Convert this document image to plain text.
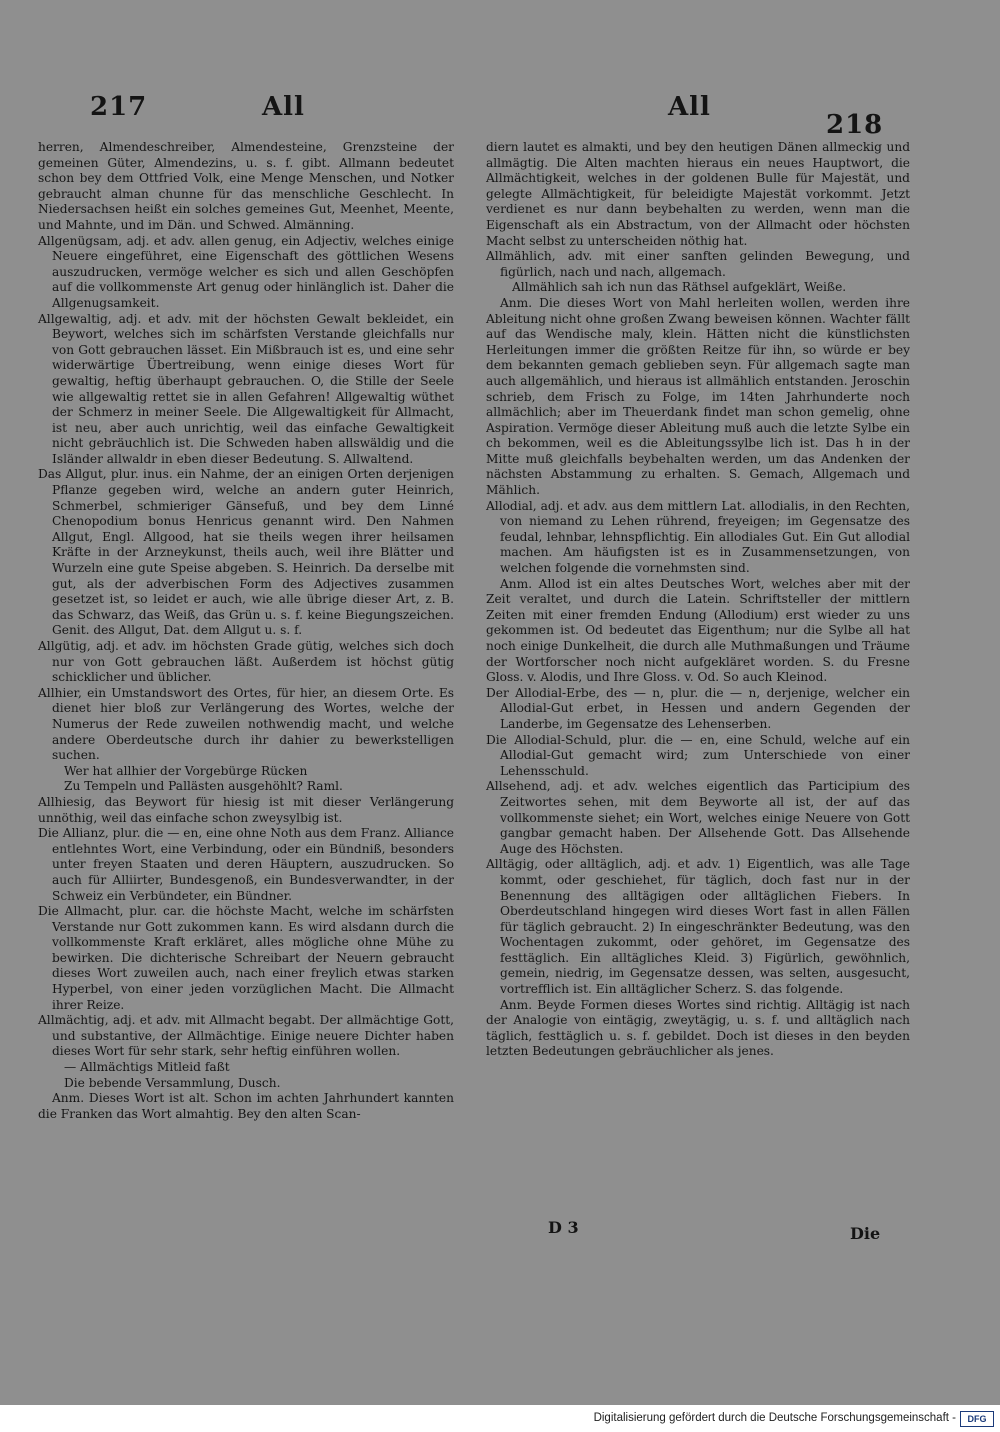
217	All	All
218

herren, Almendeschreiber, Almendesteine, Grenzsteine der gemeinen Güter, Almendezins, u. s. f. gibt. Allmann bedeutet schon bey dem Ottfried Volk, eine Menge Menschen, und Notker gebraucht alman chunne für das menschliche Geschlecht. In Niedersachsen heißt ein solches gemeines Gut, Meenhet, Meente, und Mahnte, und im Dän. und Schwed. Almänning.

Allgenügsam, adj. et adv. allen genug, ein Adjectiv, welches einige Neuere eingeführet, eine Eigenschaft des göttlichen Wesens auszudrucken, vermöge welcher es sich und allen Geschöpfen auf die vollkommenste Art genug oder hinlänglich ist. Daher die Allgenugsamkeit.

Allgewaltig, adj. et adv. mit der höchsten Gewalt bekleidet, ein Beywort, welches sich im schärfsten Verstande gleichfalls nur von Gott gebrauchen lässet. Ein Mißbrauch ist es, und eine sehr widerwärtige Übertreibung, wenn einige dieses Wort für gewaltig, heftig überhaupt gebrauchen. O, die Stille der Seele wie allgewaltig rettet sie in allen Gefahren! Allgewaltig wüthet der Schmerz in meiner Seele. Die Allgewaltigkeit für Allmacht, ist neu, aber auch unrichtig, weil das einfache Gewaltigkeit nicht gebräuchlich ist. Die Schweden haben allswäldig und die Isländer allwaldr in eben dieser Bedeutung. S. Allwaltend.

Das Allgut, plur. inus. ein Nahme, der an einigen Orten derjenigen Pflanze gegeben wird, welche an andern guter Heinrich, Schmerbel, schmieriger Gänsefuß, und bey dem Linné Chenopodium bonus Henricus genannt wird. Den Nahmen Allgut, Engl. Allgood, hat sie theils wegen ihrer heilsamen Kräfte in der Arzneykunst, theils auch, weil ihre Blätter und Wurzeln eine gute Speise abgeben. S. Heinrich. Da derselbe mit gut, als der adverbischen Form des Adjectives zusammen gesetzet ist, so leidet er auch, wie alle übrige dieser Art, z. B. das Schwarz, das Weiß, das Grün u. s. f. keine Biegungszeichen. Genit. des Allgut, Dat. dem Allgut u. s. f.

Allgütig, adj. et adv. im höchsten Grade gütig, welches sich doch nur von Gott gebrauchen läßt. Außerdem ist höchst gütig schicklicher und üblicher.

Allhier, ein Umstandswort des Ortes, für hier, an diesem Orte. Es dienet hier bloß zur Verlängerung des Wortes, welche der Numerus der Rede zuweilen nothwendig macht, und welche andere Oberdeutsche durch ihr dahier zu bewerkstelligen suchen.

Wer hat allhier der Vorgebürge Rücken

Zu Tempeln und Pallästen ausgehöhlt? Raml.

Allhiesig, das Beywort für hiesig ist mit dieser Verlängerung unnöthig, weil das einfache schon zweysylbig ist.

Die Allianz, plur. die — en, eine ohne Noth aus dem Franz. Alliance entlehntes Wort, eine Verbindung, oder ein Bündniß, besonders unter freyen Staaten und deren Häuptern, auszudrucken. So auch für Alliirter, Bundesgenoß, ein Bundesverwandter, in der Schweiz ein Verbündeter, ein Bündner.

Die Allmacht, plur. car. die höchste Macht, welche im schärfsten Verstande nur Gott zukommen kann. Es wird alsdann durch die vollkommenste Kraft erkläret, alles mögliche ohne Mühe zu bewirken. Die dichterische Schreibart der Neuern gebraucht dieses Wort zuweilen auch, nach einer freylich etwas starken Hyperbel, von einer jeden vorzüglichen Macht. Die Allmacht ihrer Reize.

Allmächtig, adj. et adv. mit Allmacht begabt. Der allmächtige Gott, und substantive, der Allmächtige. Einige neuere Dichter haben dieses Wort für sehr stark, sehr heftig einführen wollen.

— Allmächtigs Mitleid faßt

Die bebende Versammlung, Dusch.

Anm. Dieses Wort ist alt. Schon im achten Jahrhundert kannten die Franken das Wort almahtig. Bey den alten Scan-

diern lautet es almakti, und bey den heutigen Dänen allmeckig und allmägtig. Die Alten machten hieraus ein neues Hauptwort, die Allmächtigkeit, welches in der goldenen Bulle für Majestät, und gelegte Allmächtigkeit, für beleidigte Majestät vorkommt. Jetzt verdienet es nur dann beybehalten zu werden, wenn man die Eigenschaft als ein Abstractum, von der Allmacht oder höchsten Macht selbst zu unterscheiden nöthig hat.

Allmählich, adv. mit einer sanften gelinden Bewegung, und figürlich, nach und nach, allgemach.

Allmählich sah ich nun das Räthsel aufgeklärt, Weiße.

Anm. Die dieses Wort von Mahl herleiten wollen, werden ihre Ableitung nicht ohne großen Zwang beweisen können. Wachter fällt auf das Wendische maly, klein. Hätten nicht die künstlichsten Herleitungen immer die größten Reitze für ihn, so würde er bey dem bekannten gemach geblieben seyn. Für allgemach sagte man auch allgemählich, und hieraus ist allmählich entstanden. Jeroschin schrieb, dem Frisch zu Folge, im 14ten Jahrhunderte noch allmächlich; aber im Theuerdank findet man schon gemelig, ohne Aspiration. Vermöge dieser Ableitung muß auch die letzte Sylbe ein ch bekommen, weil es die Ableitungssylbe lich ist. Das h in der Mitte muß gleichfalls beybehalten werden, um das Andenken der nächsten Abstammung zu erhalten. S. Gemach, Allgemach und Mählich.

Allodial, adj. et adv. aus dem mittlern Lat. allodialis, in den Rechten, von niemand zu Lehen rührend, freyeigen; im Gegensatze des feudal, lehnbar, lehnspflichtig. Ein allodiales Gut. Ein Gut allodial machen. Am häufigsten ist es in Zusammensetzungen, von welchen folgende die vornehmsten sind.

Anm. Allod ist ein altes Deutsches Wort, welches aber mit der Zeit veraltet, und durch die Latein. Schriftsteller der mittlern Zeiten mit einer fremden Endung (Allodium) erst wieder zu uns gekommen ist. Od bedeutet das Eigenthum; nur die Sylbe all hat noch einige Dunkelheit, die durch alle Muthmaßungen und Träume der Wortforscher noch nicht aufgekläret worden. S. du Fresne Gloss. v. Alodis, und Ihre Gloss. v. Od. So auch Kleinod.

Der Allodial-Erbe, des — n, plur. die — n, derjenige, welcher ein Allodial-Gut erbet, in Hessen und andern Gegenden der Landerbe, im Gegensatze des Lehenserben.

Die Allodial-Schuld, plur. die — en, eine Schuld, welche auf ein Allodial-Gut gemacht wird; zum Unterschiede von einer Lehensschuld.

Allsehend, adj. et adv. welches eigentlich das Participium des Zeitwortes sehen, mit dem Beyworte all ist, der auf das vollkommenste siehet; ein Wort, welches einige Neuere von Gott gangbar gemacht haben. Der Allsehende Gott. Das Allsehende Auge des Höchsten.

Alltägig, oder alltäglich, adj. et adv. 1) Eigentlich, was alle Tage kommt, oder geschiehet, für täglich, doch fast nur in der Benennung des alltägigen oder alltäglichen Fiebers. In Oberdeutschland hingegen wird dieses Wort fast in allen Fällen für täglich gebraucht. 2) In eingeschränkter Bedeutung, was den Wochentagen zukommt, oder gehöret, im Gegensatze des festtäglich. Ein alltägliches Kleid. 3) Figürlich, gewöhnlich, gemein, niedrig, im Gegensatze dessen, was selten, ausgesucht, vortrefflich ist. Ein alltäglicher Scherz. S. das folgende.

Anm. Beyde Formen dieses Wortes sind richtig. Alltägig ist nach der Analogie von eintägig, zweytägig, u. s. f. und alltäglich nach täglich, festtäglich u. s. f. gebildet. Doch ist dieses in den beyden letzten Bedeutungen gebräuchlicher als jenes.

D 3	Die
Digitalisierung gefördert durch die Deutsche Forschungsgemeinschaft -	DFG
